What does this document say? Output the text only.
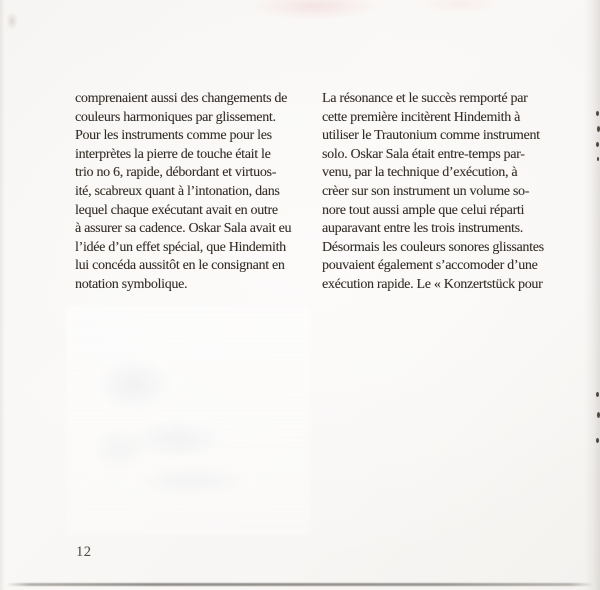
comprenaient aussi des changements de
couleurs harmoniques par glissement.
Pour les instruments comme pour les
interprètes la pierre de touche était le
trio no 6, rapide, débordant et virtuos-
ité, scabreux quant à l’intonation, dans
lequel chaque exécutant avait en outre
à assurer sa cadence. Oskar Sala avait eu
l’idée d’un effet spécial, que Hindemith
lui concéda aussitôt en le consignant en
notation symbolique.
La résonance et le succès remporté par
cette première incitèrent Hindemith à
utiliser le Trautonium comme instrument
solo. Oskar Sala était entre-temps par-
venu, par la technique d’exécution, à
crèer sur son instrument un volume so-
nore tout aussi ample que celui réparti
auparavant entre les trois instruments.
Désormais les couleurs sonores glissantes
pouvaient également s’accomoder d’une
exécution rapide. Le « Konzertstück pour
12
